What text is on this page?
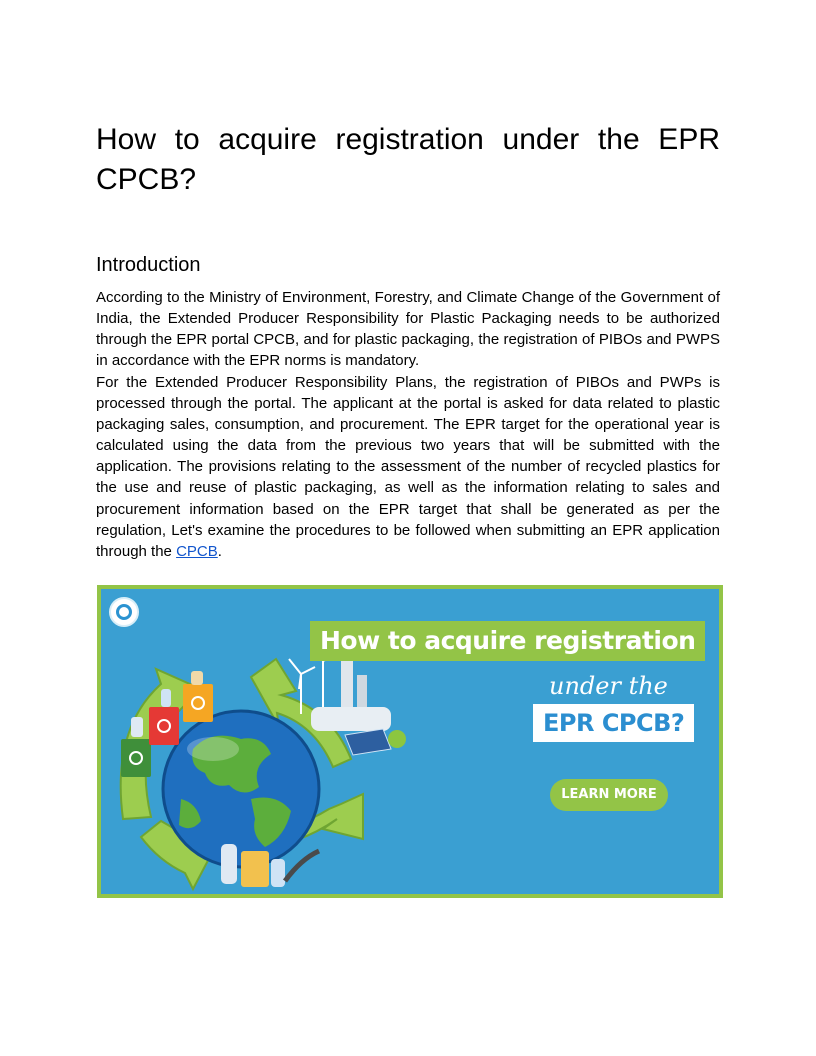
How to acquire registration under the EPR
CPCB?
Introduction

According to the Ministry of Environment, Forestry, and Climate Change of the Government of India, the Extended Producer Responsibility for Plastic Packaging needs to be authorized through the EPR portal CPCB, and for plastic packaging, the registration of PIBOs and PWPS in accordance with the EPR norms is mandatory.

For the Extended Producer Responsibility Plans, the registration of PIBOs and PWPs is processed through the portal. The applicant at the portal is asked for data related to plastic packaging sales, consumption, and procurement. The EPR target for the operational year is calculated using the data from the previous two years that will be submitted with the application. The provisions relating to the assessment of the number of recycled plastics for the use and reuse of plastic packaging, as well as the information relating to sales and procurement information based on the EPR target that shall be generated as per the regulation, Let's examine the procedures to be followed when submitting an EPR application through the CPCB.

How to acquire registration
under the
EPR CPCB?
LEARN MORE
